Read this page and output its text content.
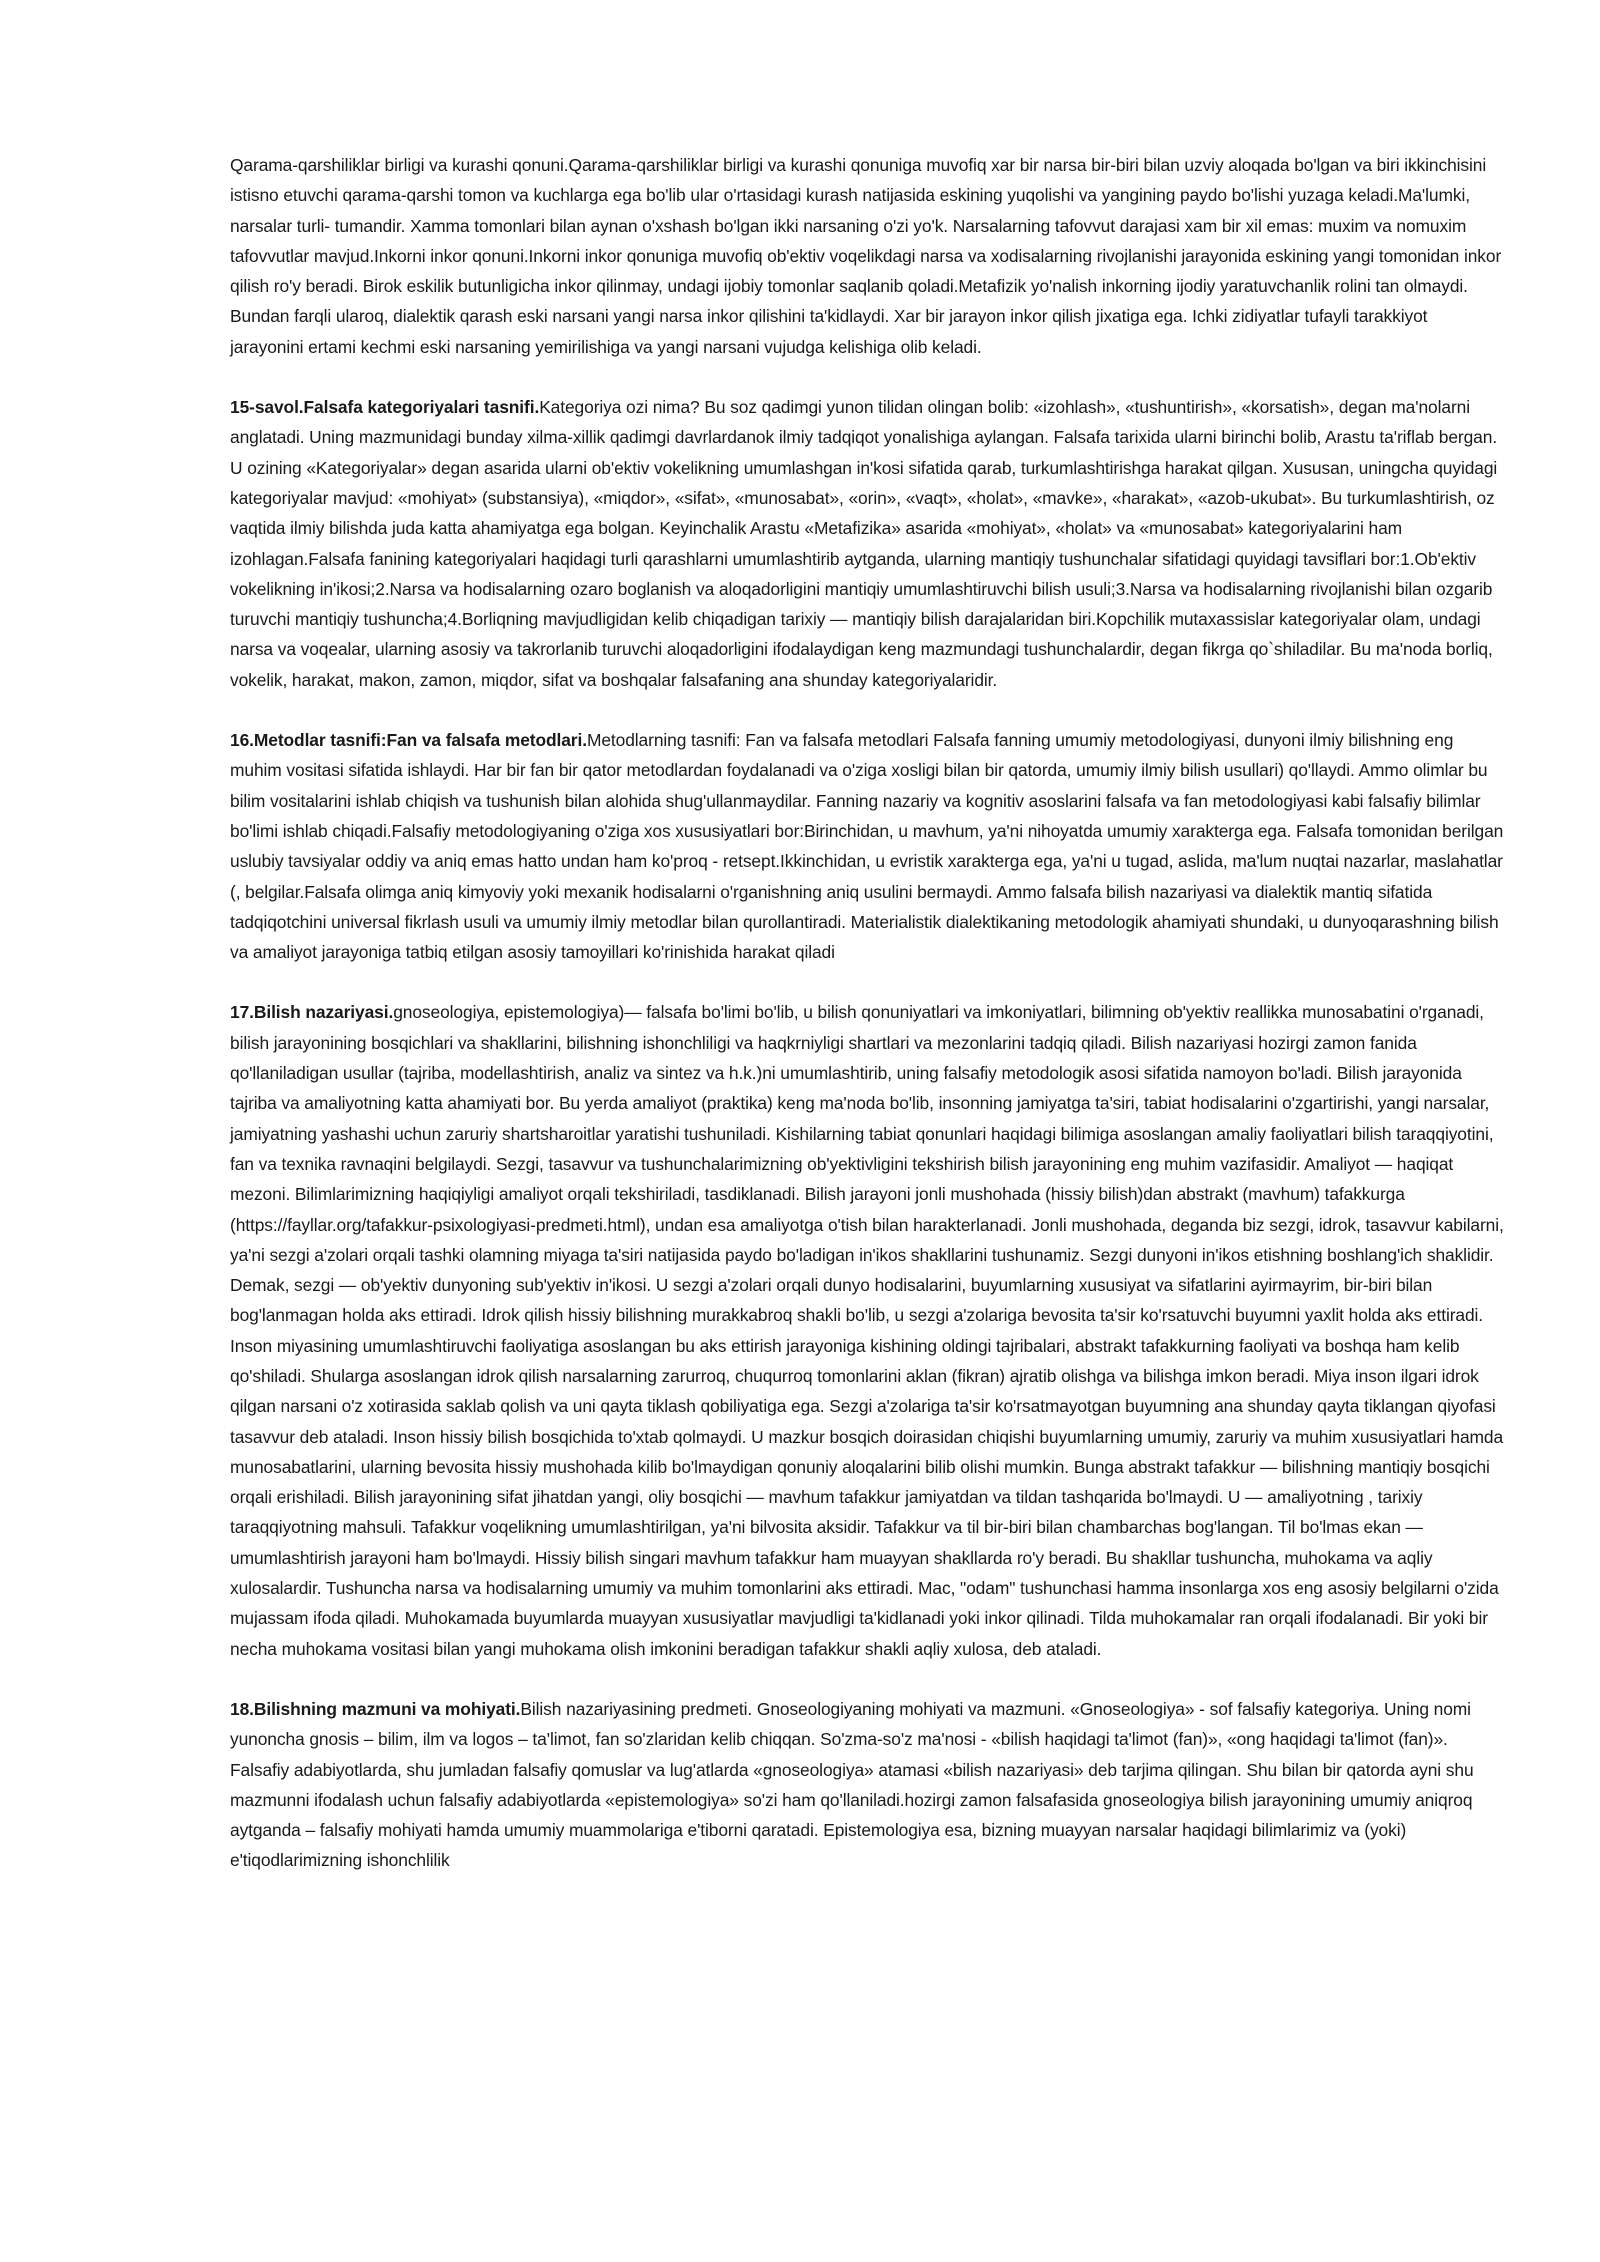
Qarama-qarshiliklar birligi va kurashi qonuni.Qarama-qarshiliklar birligi va kurashi qonuniga muvofiq xar bir narsa bir-biri bilan uzviy aloqada bo'lgan va biri ikkinchisini istisno etuvchi qarama-qarshi tomon va kuchlarga ega bo'lib ular o'rtasidagi kurash natijasida eskining yuqolishi va yangining paydo bo'lishi yuzaga keladi.Ma'lumki, narsalar turli- tumandir. Xamma tomonlari bilan aynan o'xshash bo'lgan ikki narsaning o'zi yo'k. Narsalarning tafovvut darajasi xam bir xil emas: muxim va nomuxim tafovvutlar mavjud.Inkorni inkor qonuni.Inkorni inkor qonuniga muvofiq ob'ektiv voqelikdagi narsa va xodisalarning rivojlanishi jarayonida eskining yangi tomonidan inkor qilish ro'y beradi. Birok eskilik butunligicha inkor qilinmay, undagi ijobiy tomonlar saqlanib qoladi.Metafizik yo'nalish inkorning ijodiy yaratuvchanlik rolini tan olmaydi. Bundan farqli ularoq, dialektik qarash eski narsani yangi narsa inkor qilishini ta'kidlaydi. Xar bir jarayon inkor qilish jixatiga ega. Ichki zidiyatlar tufayli tarakkiyot jarayonini ertami kechmi eski narsaning yemirilishiga va yangi narsani vujudga kelishiga olib keladi.

15-savol.Falsafa kategoriyalari tasnifi.Kategoriya ozi nima? Bu soz qadimgi yunon tilidan olingan bolib: «izohlash», «tushuntirish», «korsatish», degan ma'nolarni anglatadi. Uning mazmunidagi bunday xilma-xillik qadimgi davrlardanok ilmiy tadqiqot yonalishiga aylangan. Falsafa tarixida ularni birinchi bolib, Arastu ta'riflab bergan. U ozining «Kategoriyalar» degan asarida ularni ob'ektiv vokelikning umumlashgan in'kosi sifatida qarab, turkumlashtirishga harakat qilgan. Xususan, uningcha quyidagi kategoriyalar mavjud: «mohiyat» (substansiya), «miqdor», «sifat», «munosabat», «orin», «vaqt», «holat», «mavke», «harakat», «azob-ukubat». Bu turkumlashtirish, oz vaqtida ilmiy bilishda juda katta ahamiyatga ega bolgan. Keyinchalik Arastu «Metafizika» asarida «mohiyat», «holat» va «munosabat» kategoriyalarini ham izohlagan.Falsafa fanining kategoriyalari haqidagi turli qarashlarni umumlashtirib aytganda, ularning mantiqiy tushunchalar sifatidagi quyidagi tavsiflari bor:1.Ob'ektiv vokelikning in'ikosi;2.Narsa va hodisalarning ozaro boglanish va aloqadorligini mantiqiy umumlashtiruvchi bilish usuli;3.Narsa va hodisalarning rivojlanishi bilan ozgarib turuvchi mantiqiy tushuncha;4.Borliqning mavjudligidan kelib chiqadigan tarixiy — mantiqiy bilish darajalaridan biri.Kopchilik mutaxassislar kategoriyalar olam, undagi narsa va voqealar, ularning asosiy va takrorlanib turuvchi aloqadorligini ifodalaydigan keng mazmundagi tushunchalardir, degan fikrga qo`shiladilar. Bu ma'noda borliq, vokelik, harakat, makon, zamon, miqdor, sifat va boshqalar falsafaning ana shunday kategoriyalaridir.

16.Metodlar tasnifi:Fan va falsafa metodlari.Metodlarning tasnifi: Fan va falsafa metodlari Falsafa fanning umumiy metodologiyasi, dunyoni ilmiy bilishning eng muhim vositasi sifatida ishlaydi. Har bir fan bir qator metodlardan foydalanadi va o'ziga xosligi bilan bir qatorda, umumiy ilmiy bilish usullari) qo'llaydi. Ammo olimlar bu bilim vositalarini ishlab chiqish va tushunish bilan alohida shug'ullanmaydilar. Fanning nazariy va kognitiv asoslarini falsafa va fan metodologiyasi kabi falsafiy bilimlar bo'limi ishlab chiqadi.Falsafiy metodologiyaning o'ziga xos xususiyatlari bor:Birinchidan, u mavhum, ya'ni nihoyatda umumiy xarakterga ega. Falsafa tomonidan berilgan uslubiy tavsiyalar oddiy va aniq emas hatto undan ham ko'proq - retsept.Ikkinchidan, u evristik xarakterga ega, ya'ni u tugad, aslida, ma'lum nuqtai nazarlar, maslahatlar (, belgilar.Falsafa olimga aniq kimyoviy yoki mexanik hodisalarni o'rganishning aniq usulini bermaydi. Ammo falsafa bilish nazariyasi va dialektik mantiq sifatida tadqiqotchini universal fikrlash usuli va umumiy ilmiy metodlar bilan qurollantiradi. Materialistik dialektikaning metodologik ahamiyati shundaki, u dunyoqarashning bilish va amaliyot jarayoniga tatbiq etilgan asosiy tamoyillari ko'rinishida harakat qiladi

17.Bilish nazariyasi.gnoseologiya, epistemologiya)— falsafa bo'limi bo'lib, u bilish qonuniyatlari va imkoniyatlari, bilimning ob'yektiv reallikka munosabatini o'rganadi, bilish jarayonining bosqichlari va shakllarini, bilishning ishonchliligi va haqkrniyligi shartlari va mezonlarini tadqiq qiladi. Bilish nazariyasi hozirgi zamon fanida qo'llaniladigan usullar (tajriba, modellashtirish, analiz va sintez va h.k.)ni umumlashtirib, uning falsafiy metodologik asosi sifatida namoyon bo'ladi. Bilish jarayonida tajriba va amaliyotning katta ahamiyati bor. Bu yerda amaliyot (praktika) keng ma'noda bo'lib, insonning jamiyatga ta'siri, tabiat hodisalarini o'zgartirishi, yangi narsalar, jamiyatning yashashi uchun zaruriy shartsharoitlar yaratishi tushuniladi. Kishilarning tabiat qonunlari haqidagi bilimiga asoslangan amaliy faoliyatlari bilish taraqqiyotini, fan va texnika ravnaqini belgilaydi. Sezgi, tasavvur va tushunchalarimizning ob'yektivligini tekshirish bilish jarayonining eng muhim vazifasidir. Amaliyot — haqiqat mezoni. Bilimlarimizning haqiqiyligi amaliyot orqali tekshiriladi, tasdiklanadi. Bilish jarayoni jonli mushohada (hissiy bilish)dan abstrakt (mavhum) tafakkurga (https://fayllar.org/tafakkur-psixologiyasi-predmeti.html), undan esa amaliyotga o'tish bilan harakterlanadi. Jonli mushohada, deganda biz sezgi, idrok, tasavvur kabilarni, ya'ni sezgi a'zolari orqali tashki olamning miyaga ta'siri natijasida paydo bo'ladigan in'ikos shakllarini tushunamiz. Sezgi dunyoni in'ikos etishning boshlang'ich shaklidir. Demak, sezgi — ob'yektiv dunyoning sub'yektiv in'ikosi. U sezgi a'zolari orqali dunyo hodisalarini, buyumlarning xususiyat va sifatlarini ayirmayrim, bir-biri bilan bog'lanmagan holda aks ettiradi. Idrok qilish hissiy bilishning murakkabroq shakli bo'lib, u sezgi a'zolariga bevosita ta'sir ko'rsatuvchi buyumni yaxlit holda aks ettiradi. Inson miyasining umumlashtiruvchi faoliyatiga asoslangan bu aks ettirish jarayoniga kishining oldingi tajribalari, abstrakt tafakkurning faoliyati va boshqa ham kelib qo'shiladi. Shularga asoslangan idrok qilish narsalarning zarurroq, chuqurroq tomonlarini aklan (fikran) ajratib olishga va bilishga imkon beradi. Miya inson ilgari idrok qilgan narsani o'z xotirasida saklab qolish va uni qayta tiklash qobiliyatiga ega. Sezgi a'zolariga ta'sir ko'rsatmayotgan buyumning ana shunday qayta tiklangan qiyofasi tasavvur deb ataladi. Inson hissiy bilish bosqichida to'xtab qolmaydi. U mazkur bosqich doirasidan chiqishi buyumlarning umumiy, zaruriy va muhim xususiyatlari hamda munosabatlarini, ularning bevosita hissiy mushohada kilib bo'lmaydigan qonuniy aloqalarini bilib olishi mumkin. Bunga abstrakt tafakkur — bilishning mantiqiy bosqichi orqali erishiladi. Bilish jarayonining sifat jihatdan yangi, oliy bosqichi — mavhum tafakkur jamiyatdan va tildan tashqarida bo'lmaydi. U — amaliyotning , tarixiy taraqqiyotning mahsuli. Tafakkur voqelikning umumlashtirilgan, ya'ni bilvosita aksidir. Tafakkur va til bir-biri bilan chambarchas bog'langan. Til bo'lmas ekan — umumlashtirish jarayoni ham bo'lmaydi. Hissiy bilish singari mavhum tafakkur ham muayyan shakllarda ro'y beradi. Bu shakllar tushuncha, muhokama va aqliy xulosalardir. Tushuncha narsa va hodisalarning umumiy va muhim tomonlarini aks ettiradi. Mac, "odam" tushunchasi hamma insonlarga xos eng asosiy belgilarni o'zida mujassam ifoda qiladi. Muhokamada buyumlarda muayyan xususiyatlar mavjudligi ta'kidlanadi yoki inkor qilinadi. Tilda muhokamalar ran orqali ifodalanadi. Bir yoki bir necha muhokama vositasi bilan yangi muhokama olish imkonini beradigan tafakkur shakli aqliy xulosa, deb ataladi.

18.Bilishning mazmuni va mohiyati.Bilish nazariyasining predmeti. Gnoseologiyaning mohiyati va mazmuni. «Gnoseologiya» - sof falsafiy kategoriya. Uning nomi yunoncha gnosis – bilim, ilm va logos – ta'limot, fan so'zlaridan kelib chiqqan. So'zma-so'z ma'nosi - «bilish haqidagi ta'limot (fan)», «ong haqidagi ta'limot (fan)». Falsafiy adabiyotlarda, shu jumladan falsafiy qomuslar va lug'atlarda «gnoseologiya» atamasi «bilish nazariyasi» deb tarjima qilingan. Shu bilan bir qatorda ayni shu mazmunni ifodalash uchun falsafiy adabiyotlarda «epistemologiya» so'zi ham qo'llaniladi.hozirgi zamon falsafasida gnoseologiya bilish jarayonining umumiy aniqroq aytganda – falsafiy mohiyati hamda umumiy muammolariga e'tiborni qaratadi. Epistemologiya esa, bizning muayyan narsalar haqidagi bilimlarimiz va (yoki) e'tiqodlarimizning ishonchlilik
